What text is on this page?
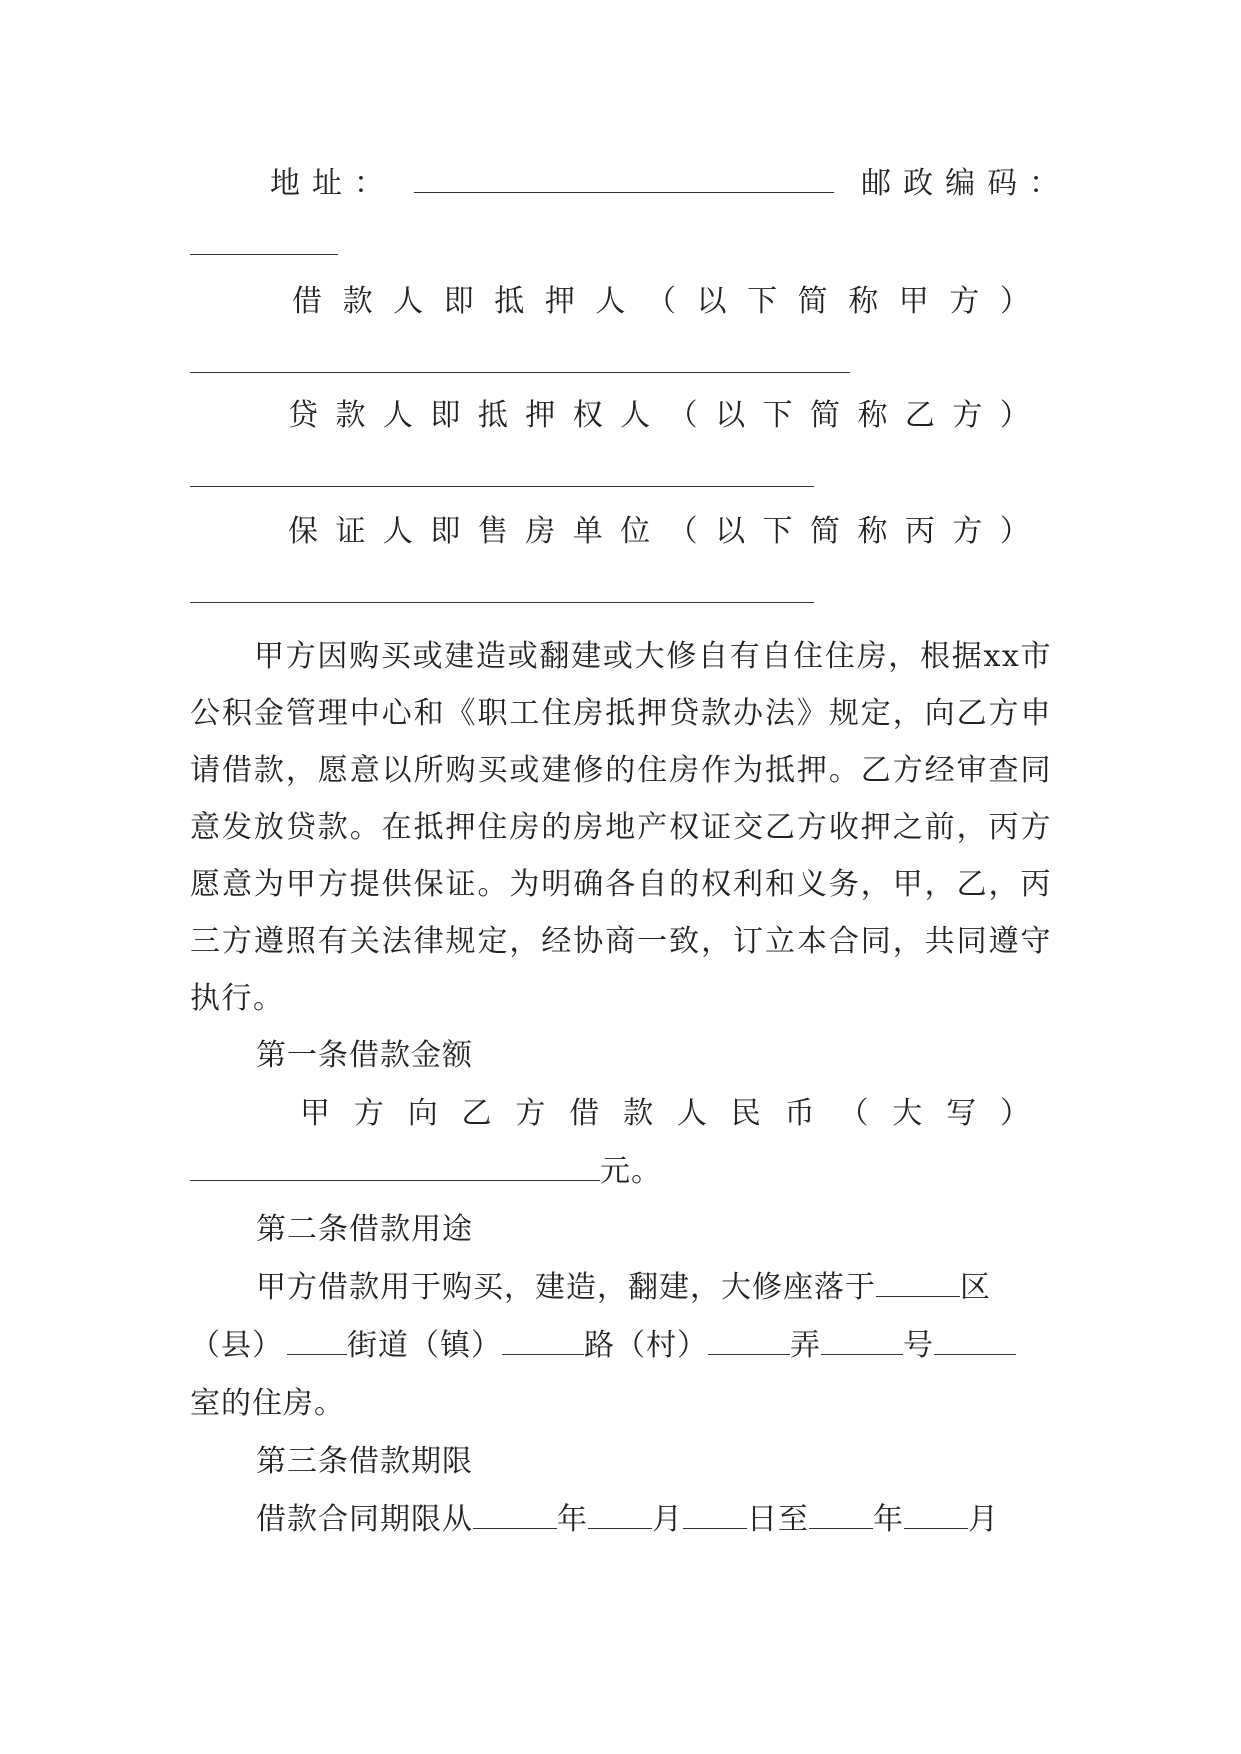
地址：	邮政编码：
借 款 人 即 抵 押 人 （ 以 下 简 称 甲 方 ）
贷 款 人 即 抵 押 权 人 （ 以 下 简 称 乙 方 ）
保 证 人 即 售 房 单 位 （ 以 下 简 称 丙 方 ）
甲方因购买或建造或翻建或大修自有自住住房，根据xx市公积金管理中心和《职工住房抵押贷款办法》规定，向乙方申请借款，愿意以所购买或建修的住房作为抵押。乙方经审查同意发放贷款。在抵押住房的房地产权证交乙方收押之前，丙方愿意为甲方提供保证。为明确各自的权利和义务，甲，乙，丙三方遵照有关法律规定，经协商一致，订立本合同，共同遵守执行。
第一条借款金额
甲 方 向 乙 方 借 款 人 民 币 （ 大 写 ）
元。
第二条借款用途
甲方借款用于购买，建造，翻建，大修座落于	区
（县） 街道（镇）	路（村）	弄	号
室的住房。
第三条借款期限
借款合同期限从	年 月 日至 年 月
